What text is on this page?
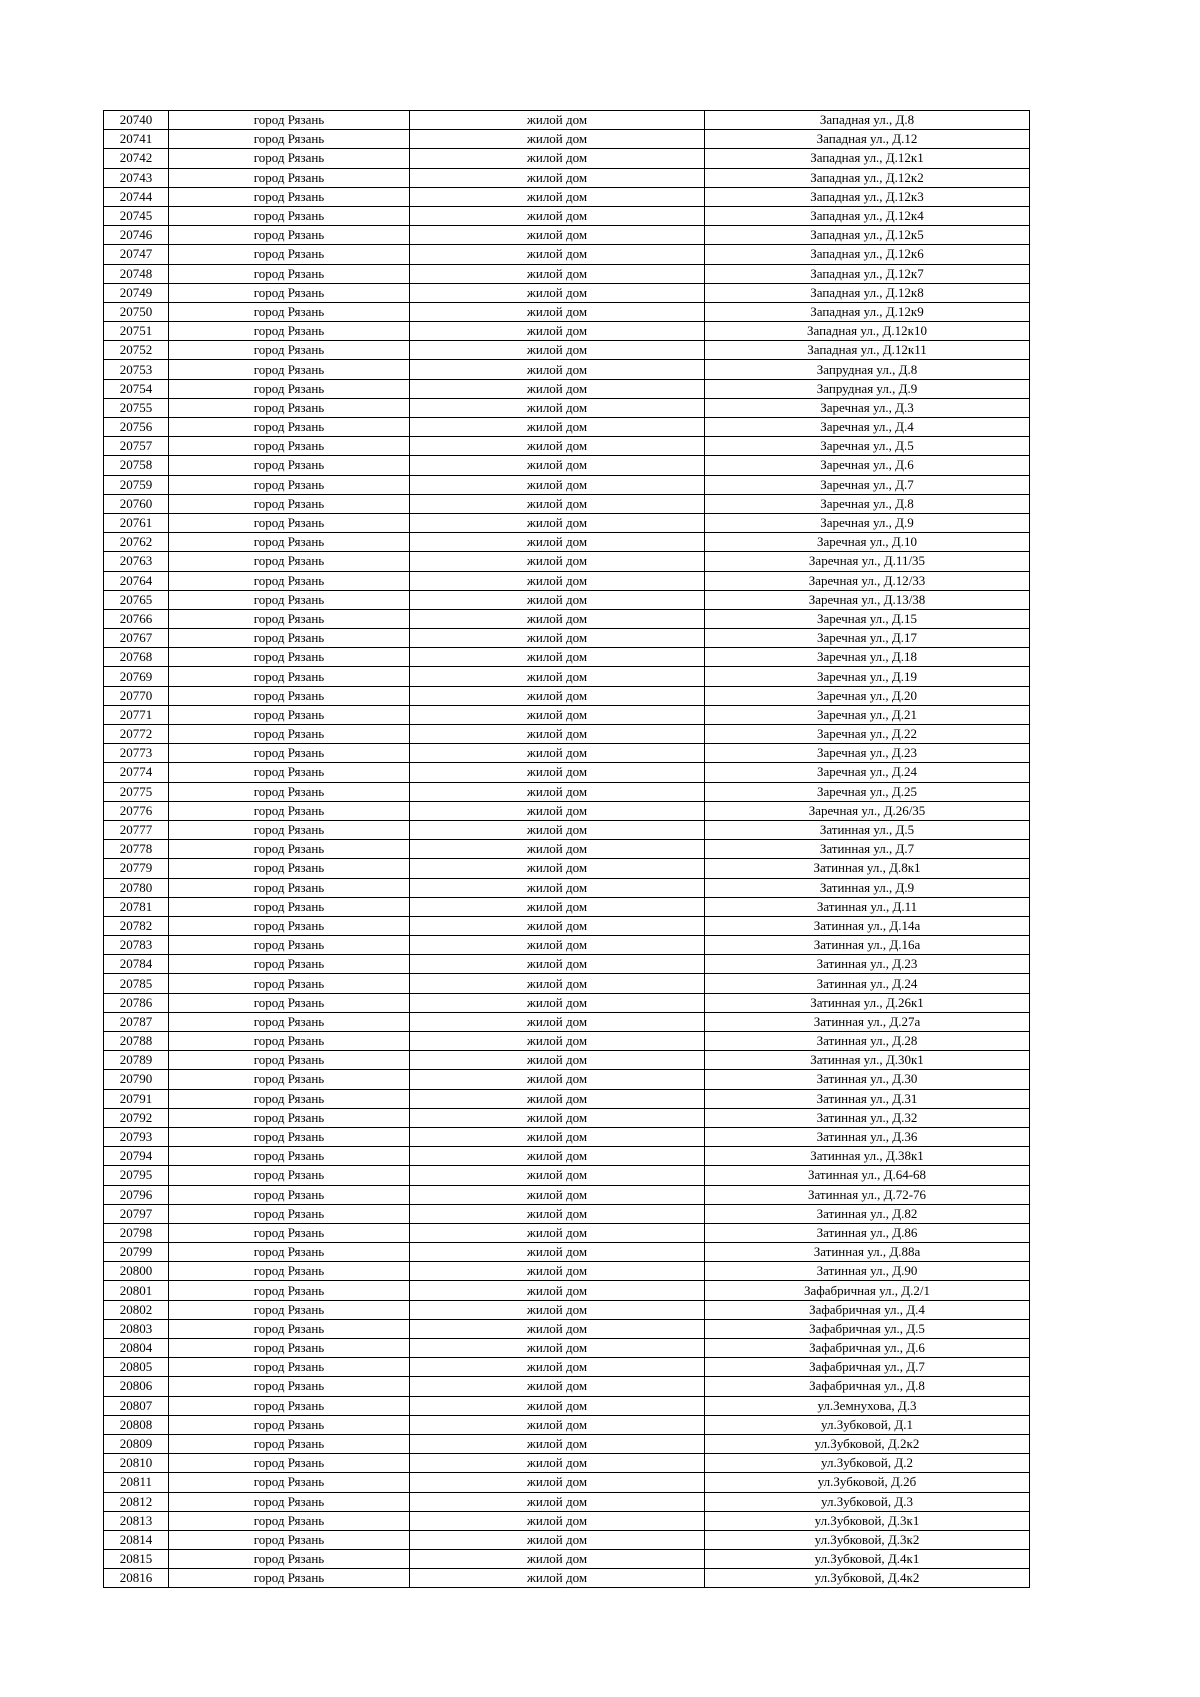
20740	город Рязань	жилой дом	Западная ул., Д.8
20741	город Рязань	жилой дом	Западная ул., Д.12
20742	город Рязань	жилой дом	Западная ул., Д.12к1
20743	город Рязань	жилой дом	Западная ул., Д.12к2
20744	город Рязань	жилой дом	Западная ул., Д.12к3
20745	город Рязань	жилой дом	Западная ул., Д.12к4
20746	город Рязань	жилой дом	Западная ул., Д.12к5
20747	город Рязань	жилой дом	Западная ул., Д.12к6
20748	город Рязань	жилой дом	Западная ул., Д.12к7
20749	город Рязань	жилой дом	Западная ул., Д.12к8
20750	город Рязань	жилой дом	Западная ул., Д.12к9
20751	город Рязань	жилой дом	Западная ул., Д.12к10
20752	город Рязань	жилой дом	Западная ул., Д.12к11
20753	город Рязань	жилой дом	Запрудная ул., Д.8
20754	город Рязань	жилой дом	Запрудная ул., Д.9
20755	город Рязань	жилой дом	Заречная ул., Д.3
20756	город Рязань	жилой дом	Заречная ул., Д.4
20757	город Рязань	жилой дом	Заречная ул., Д.5
20758	город Рязань	жилой дом	Заречная ул., Д.6
20759	город Рязань	жилой дом	Заречная ул., Д.7
20760	город Рязань	жилой дом	Заречная ул., Д.8
20761	город Рязань	жилой дом	Заречная ул., Д.9
20762	город Рязань	жилой дом	Заречная ул., Д.10
20763	город Рязань	жилой дом	Заречная ул., Д.11/35
20764	город Рязань	жилой дом	Заречная ул., Д.12/33
20765	город Рязань	жилой дом	Заречная ул., Д.13/38
20766	город Рязань	жилой дом	Заречная ул., Д.15
20767	город Рязань	жилой дом	Заречная ул., Д.17
20768	город Рязань	жилой дом	Заречная ул., Д.18
20769	город Рязань	жилой дом	Заречная ул., Д.19
20770	город Рязань	жилой дом	Заречная ул., Д.20
20771	город Рязань	жилой дом	Заречная ул., Д.21
20772	город Рязань	жилой дом	Заречная ул., Д.22
20773	город Рязань	жилой дом	Заречная ул., Д.23
20774	город Рязань	жилой дом	Заречная ул., Д.24
20775	город Рязань	жилой дом	Заречная ул., Д.25
20776	город Рязань	жилой дом	Заречная ул., Д.26/35
20777	город Рязань	жилой дом	Затинная ул., Д.5
20778	город Рязань	жилой дом	Затинная ул., Д.7
20779	город Рязань	жилой дом	Затинная ул., Д.8к1
20780	город Рязань	жилой дом	Затинная ул., Д.9
20781	город Рязань	жилой дом	Затинная ул., Д.11
20782	город Рязань	жилой дом	Затинная ул., Д.14а
20783	город Рязань	жилой дом	Затинная ул., Д.16а
20784	город Рязань	жилой дом	Затинная ул., Д.23
20785	город Рязань	жилой дом	Затинная ул., Д.24
20786	город Рязань	жилой дом	Затинная ул., Д.26к1
20787	город Рязань	жилой дом	Затинная ул., Д.27а
20788	город Рязань	жилой дом	Затинная ул., Д.28
20789	город Рязань	жилой дом	Затинная ул., Д.30к1
20790	город Рязань	жилой дом	Затинная ул., Д.30
20791	город Рязань	жилой дом	Затинная ул., Д.31
20792	город Рязань	жилой дом	Затинная ул., Д.32
20793	город Рязань	жилой дом	Затинная ул., Д.36
20794	город Рязань	жилой дом	Затинная ул., Д.38к1
20795	город Рязань	жилой дом	Затинная ул., Д.64-68
20796	город Рязань	жилой дом	Затинная ул., Д.72-76
20797	город Рязань	жилой дом	Затинная ул., Д.82
20798	город Рязань	жилой дом	Затинная ул., Д.86
20799	город Рязань	жилой дом	Затинная ул., Д.88а
20800	город Рязань	жилой дом	Затинная ул., Д.90
20801	город Рязань	жилой дом	Зафабричная ул., Д.2/1
20802	город Рязань	жилой дом	Зафабричная ул., Д.4
20803	город Рязань	жилой дом	Зафабричная ул., Д.5
20804	город Рязань	жилой дом	Зафабричная ул., Д.6
20805	город Рязань	жилой дом	Зафабричная ул., Д.7
20806	город Рязань	жилой дом	Зафабричная ул., Д.8
20807	город Рязань	жилой дом	ул.Земнухова, Д.3
20808	город Рязань	жилой дом	ул.Зубковой, Д.1
20809	город Рязань	жилой дом	ул.Зубковой, Д.2к2
20810	город Рязань	жилой дом	ул.Зубковой, Д.2
20811	город Рязань	жилой дом	ул.Зубковой, Д.2б
20812	город Рязань	жилой дом	ул.Зубковой, Д.3
20813	город Рязань	жилой дом	ул.Зубковой, Д.3к1
20814	город Рязань	жилой дом	ул.Зубковой, Д.3к2
20815	город Рязань	жилой дом	ул.Зубковой, Д.4к1
20816	город Рязань	жилой дом	ул.Зубковой, Д.4к2
